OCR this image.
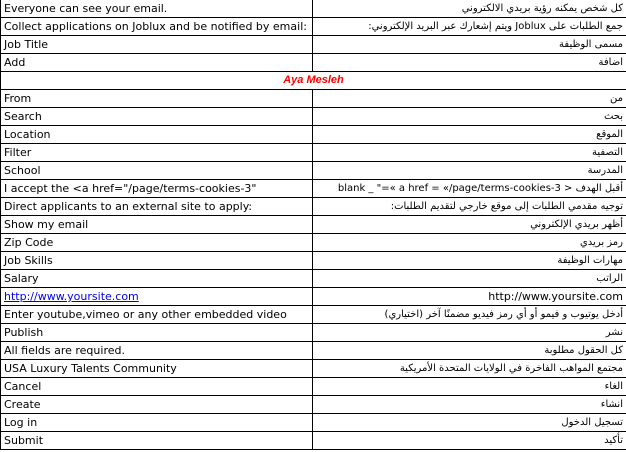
Everyone can see your email.	كل شخص يمكنه رؤية بريدي الالكتروني
Collect applications on Joblux and be notified by email:	جمع الطلبات على Joblux ويتم إشعارك عبر البريد الإلكتروني:
Job Title	مسمى الوظيفة
Add	اضافة
Aya Mesleh	
From	من
Search	بحث
Location	الموقع
Filter	التصفية
School	المدرسة
I accept the <a href="/page/terms-cookies-3"	أقبل الهدف < blank _ "=« a href = «/page/terms-cookies-3
Direct applicants to an external site to apply:	توجيه مقدمي الطلبات إلى موقع خارجي لتقديم الطلبات:
Show my email	أظهر بريدي الإلكتروني
Zip Code	رمز بريدي
Job Skills	مهارات الوظيفة
Salary	الراتب
http://www.yoursite.com	http://www.yoursite.com
Enter youtube,vimeo or any other embedded video	أدخل يوتيوب و فيمو أو أي رمز فيديو مضمنًا آخر (اختياري)
Publish	نشر
All fields are required.	كل الحقول مطلوبة
USA Luxury Talents Community	مجتمع المواهب الفاخرة في الولايات المتحدة الأمريكية
Cancel	الغاء
Create	انشاء
Log in	تسجيل الدخول
Submit	تأكيد
